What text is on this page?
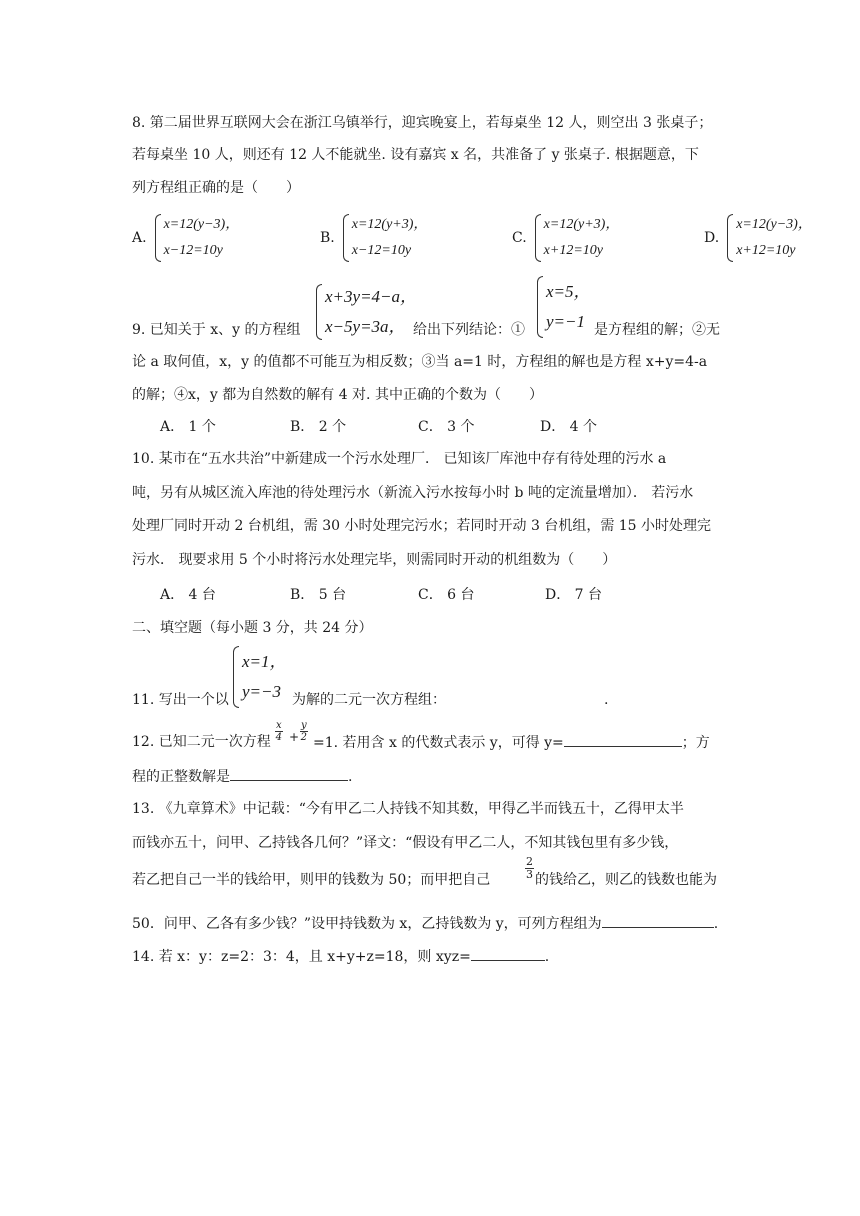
8. 第二届世界互联网大会在浙江乌镇举行，迎宾晚宴上，若每桌坐 12 人，则空出 3 张桌子；
若每桌坐 10 人，则还有 12 人不能就坐. 设有嘉宾 x 名，共准备了 y 张桌子. 根据题意，下
列方程组正确的是（　　）
A.
x=12(y−3)，
x−12=10y
B.
x=12(y+3)，
x−12=10y
C.
x=12(y+3)，
x+12=10y
D.
x=12(y−3)，
x+12=10y
9. 已知关于 x、y 的方程组
x+3y=4−a，
x−5y=3a， 给出下列结论：①
x=5，
y=−1 是方程组的解；②无
论 a 取何值，x，y 的值都不可能互为相反数；③当 a=1 时，方程组的解也是方程 x+y=4-a
的解；④x，y 都为自然数的解有 4 对. 其中正确的个数为（　　）
A． 1 个	B． 2 个	C． 3 个	D． 4 个
10. 某市在“五水共治”中新建成一个污水处理厂． 已知该厂库池中存有待处理的污水 a
吨，另有从城区流入库池的待处理污水（新流入污水按每小时 b 吨的定流量增加）． 若污水
处理厂同时开动 2 台机组，需 30 小时处理完污水；若同时开动 3 台机组，需 15 小时处理完
污水． 现要求用 5 个小时将污水处理完毕，则需同时开动的机组数为（　　）
A． 4 台	B． 5 台	C． 6 台	D． 7 台
二、填空题（每小题 3 分，共 24 分）
11. 写出一个以
x=1，
y=−3 为解的二元一次方程组：	.
12. 已知二元一次方程 $\frac{x}{4} + \frac{y}{2} =1$. 若用含 x 的代数式表示 y，可得 y=	；方
程的正整数解是	.
13. 《九章算术》中记载：“今有甲乙二人持钱不知其数，甲得乙半而钱五十，乙得甲太半
而钱亦五十，问甲、乙持钱各几何？”译文：“假设有甲乙二人，不知其钱包里有多少钱，
若乙把自己一半的钱给甲，则甲的钱数为 50；而甲把自己	$\frac{2}{3}$ 的钱给乙，则乙的钱数也能为
50．问甲、乙各有多少钱？”设甲持钱数为 x，乙持钱数为 y，可列方程组为	.
14. 若 x：y：z=2：3：4，且 x+y+z=18，则 xyz=	.
